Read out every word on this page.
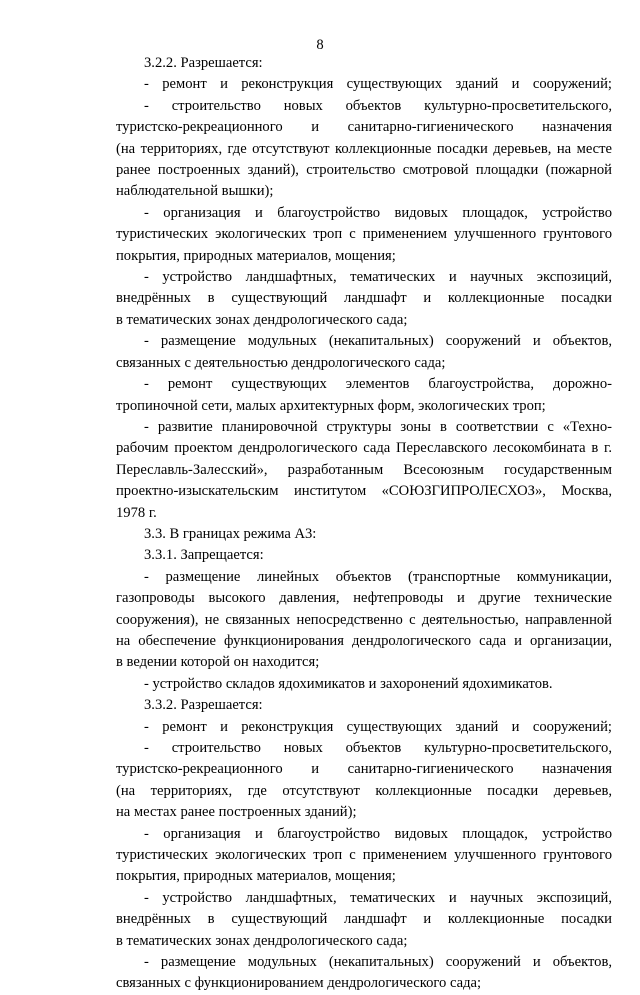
8

3.2.2. Разрешается:

- ремонт и реконструкция существующих зданий и сооружений;

- строительство новых объектов культурно-просветительского,

туристско-рекреационного и санитарно-гигиенического назначения

(на территориях, где отсутствуют коллекционные посадки деревьев, на месте

ранее построенных зданий), строительство смотровой площадки (пожарной

наблюдательной вышки);

- организация и благоустройство видовых площадок, устройство

туристических экологических троп с применением улучшенного грунтового

покрытия, природных материалов, мощения;

- устройство ландшафтных, тематических и научных экспозиций,

внедрённых в существующий ландшафт и коллекционные посадки

в тематических зонах дендрологического сада;

- размещение модульных (некапитальных) сооружений и объектов,

связанных с деятельностью дендрологического сада;

- ремонт существующих элементов благоустройства, дорожно-

тропиночной сети, малых архитектурных форм, экологических троп;

- развитие планировочной структуры зоны в соответствии с «Техно-

рабочим проектом дендрологического сада Переславского лесокомбината в г.

Переславль-Залесский», разработанным Всесоюзным государственным

проектно-изыскательским институтом «СОЮЗГИПРОЛЕСХОЗ», Москва,

1978 г.

3.3. В границах режима А3:

3.3.1. Запрещается:

- размещение линейных объектов (транспортные коммуникации,

газопроводы высокого давления, нефтепроводы и другие технические

сооружения), не связанных непосредственно с деятельностью, направленной

на обеспечение функционирования дендрологического сада и организации,

в ведении которой он находится;

- устройство складов ядохимикатов и захоронений ядохимикатов.

3.3.2. Разрешается:

- ремонт и реконструкция существующих зданий и сооружений;

- строительство новых объектов культурно-просветительского,

туристско-рекреационного и санитарно-гигиенического назначения

(на территориях, где отсутствуют коллекционные посадки деревьев,

на местах ранее построенных зданий);

- организация и благоустройство видовых площадок, устройство

туристических экологических троп с применением улучшенного грунтового

покрытия, природных материалов, мощения;

- устройство ландшафтных, тематических и научных экспозиций,

внедрённых в существующий ландшафт и коллекционные посадки

в тематических зонах дендрологического сада;

- размещение модульных (некапитальных) сооружений и объектов,

связанных с функционированием дендрологического сада;
